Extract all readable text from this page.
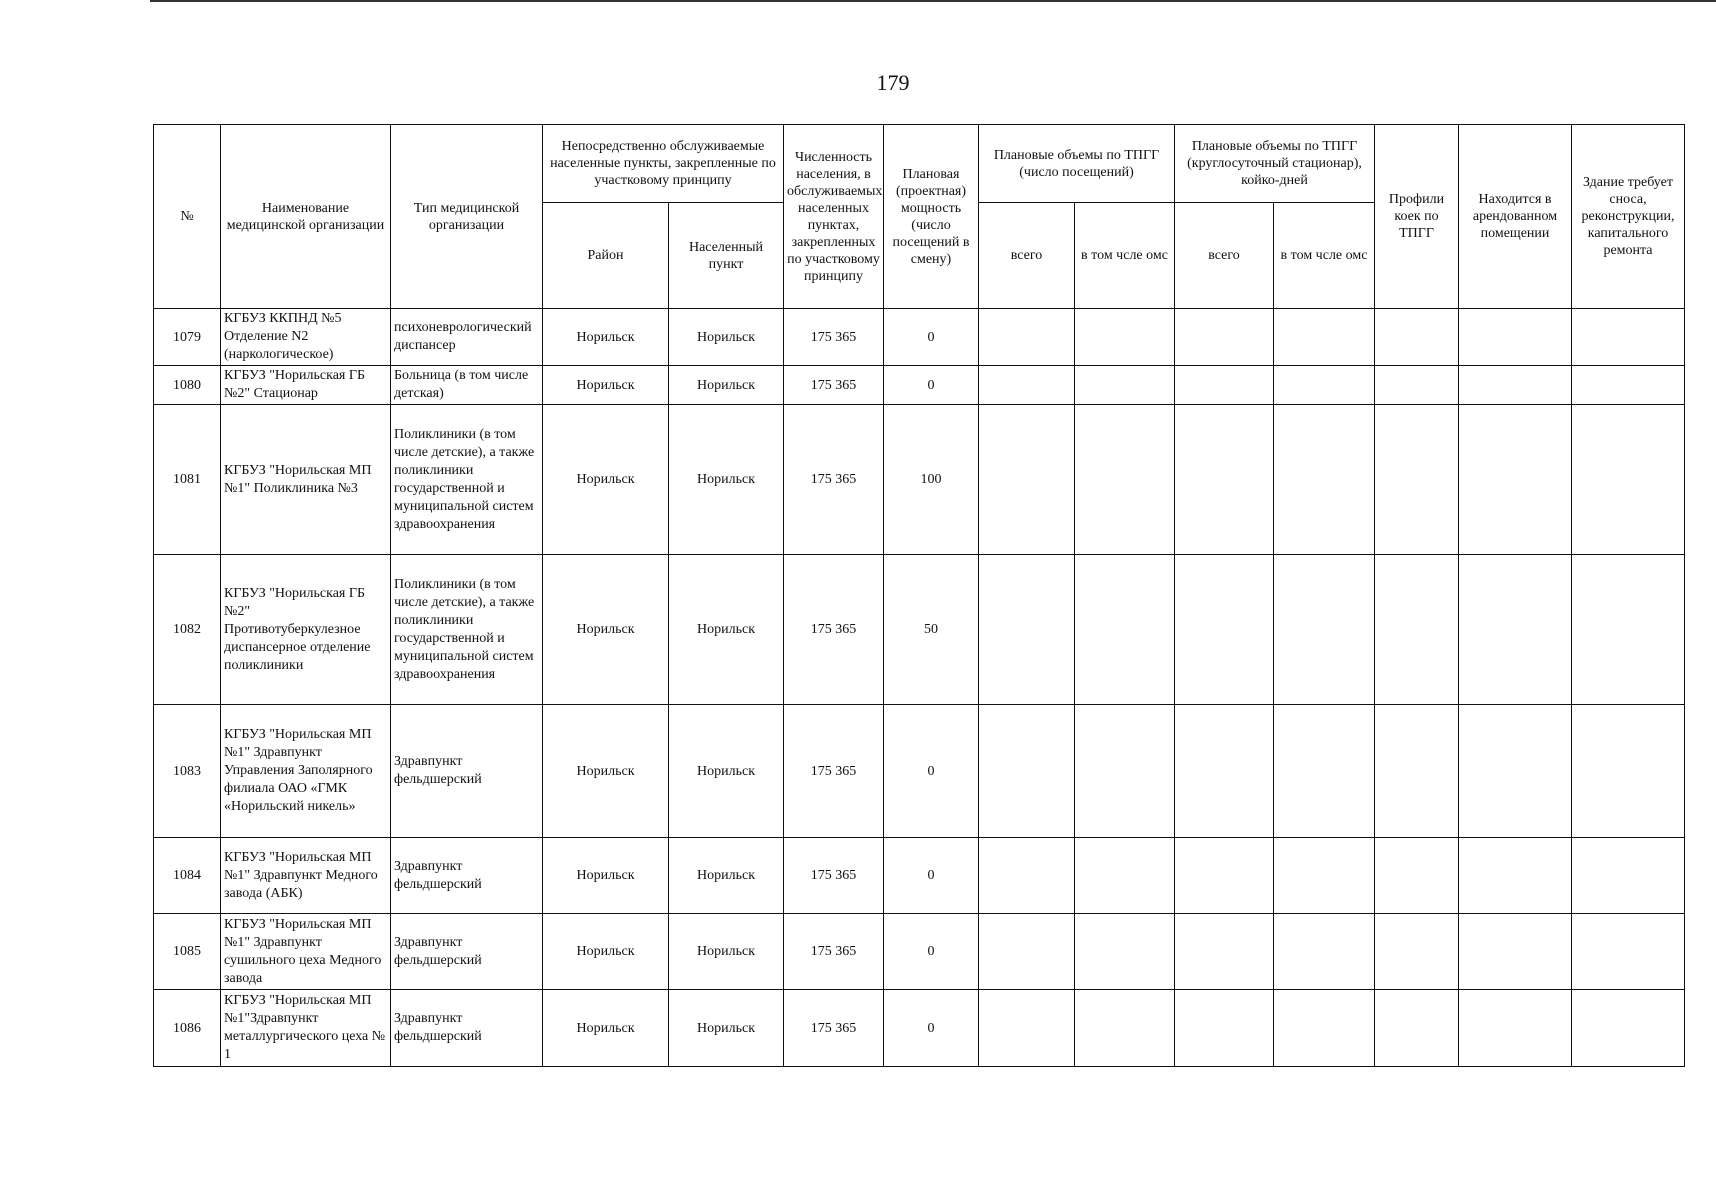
179
№	Наименование медицинской организации	Тип медицинской организации	Непосредственно обслуживаемые населенные пункты, закрепленные по участковому принципу		Численность населения, в обслуживаемых населенных пунктах, закрепленных по участковому принципу	Плановая (проектная) мощность (число посещений в смену)	Плановые объемы по ТПГГ (число посещений)		Плановые объемы по ТПГГ (круглосуточный стационар), койко-дней		Профили коек по ТПГГ	Находится в арендованном помещении	Здание требует сноса, реконструкции, капитального ремонта
			Район	Населенный пункт			всего	в том чсле омс	всего	в том чсле омс			
1079	КГБУЗ ККПНД №5 Отделение N2 (наркологическое)	психоневрологический диспансер	Норильск	Норильск	175 365	0							
1080	КГБУЗ "Норильская ГБ №2" Стационар	Больница (в том числе детская)	Норильск	Норильск	175 365	0							
1081	КГБУЗ "Норильская МП №1" Поликлиника №3	Поликлиники (в том числе детские), а также поликлиники государственной и муниципальной систем здравоохранения	Норильск	Норильск	175 365	100							
1082	КГБУЗ "Норильская ГБ №2" Противотуберкулезное диспансерное отделение поликлиники	Поликлиники (в том числе детские), а также поликлиники государственной и муниципальной систем здравоохранения	Норильск	Норильск	175 365	50							
1083	КГБУЗ "Норильская МП №1" Здравпункт Управления Заполярного филиала ОАО «ГМК «Норильский никель»	Здравпункт фельдшерский	Норильск	Норильск	175 365	0							
1084	КГБУЗ "Норильская МП №1" Здравпункт Медного завода (АБК)	Здравпункт фельдшерский	Норильск	Норильск	175 365	0							
1085	КГБУЗ "Норильская МП №1" Здравпункт сушильного цеха Медного завода	Здравпункт фельдшерский	Норильск	Норильск	175 365	0							
1086	КГБУЗ "Норильская МП №1"Здравпункт металлургического цеха № 1	Здравпункт фельдшерский	Норильск	Норильск	175 365	0							
